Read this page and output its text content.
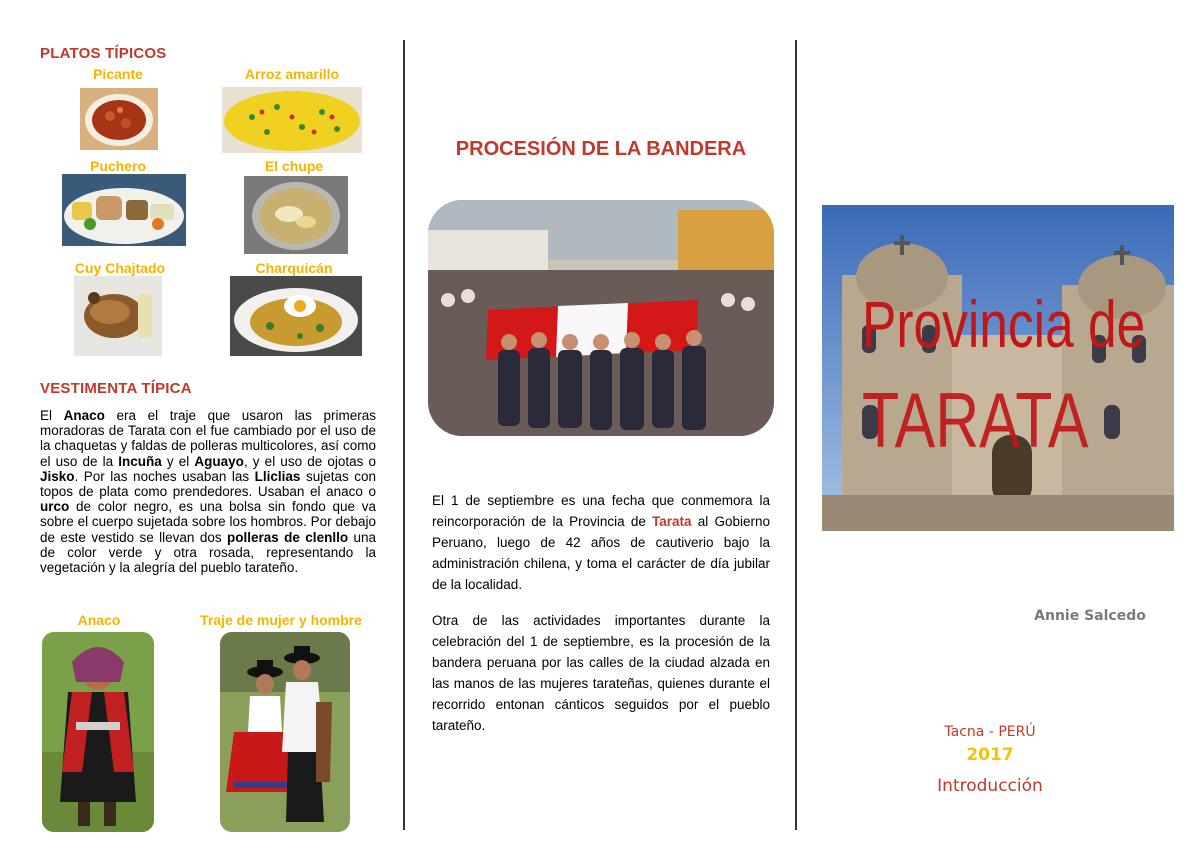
PLATOS TÍPICOS
Picante	Arroz amarillo
Puchero	El chupe
Cuy Chajtado	Charquicán
VESTIMENTA TÍPICA
El Anaco era el traje que usaron las primeras moradoras de Tarata con el fue cambiado por el uso de la chaquetas y faldas de polleras multicolores, así como el uso de la Incuña y el Aguayo, y el uso de ojotas o Jisko. Por las noches usaban las Lliclias sujetas con topos de plata como prendedores. Usaban el anaco o urco de color negro, es una bolsa sin fondo que va sobre el cuerpo sujetada sobre los hombros. Por debajo de este vestido se llevan dos polleras de clenllo una de color verde y otra rosada, representando la vegetación y la alegría del pueblo tarateño.
Anaco	Traje de mujer y hombre
PROCESIÓN DE LA BANDERA
El 1 de septiembre es una fecha que conmemora la reincorporación de la Provincia de Tarata al Gobierno Peruano, luego de 42 años de cautiverio bajo la administración chilena, y toma el carácter de día jubilar de la localidad.
Otra de las actividades importantes durante la celebración del 1 de septiembre, es la procesión de la bandera peruana por las calles de la ciudad alzada en las manos de las mujeres tarateñas, quienes durante el recorrido entonan cánticos seguidos por el pueblo tarateño.
Provincia de
TARATA
Annie Salcedo
Tacna - PERÚ
2017
Introducción
